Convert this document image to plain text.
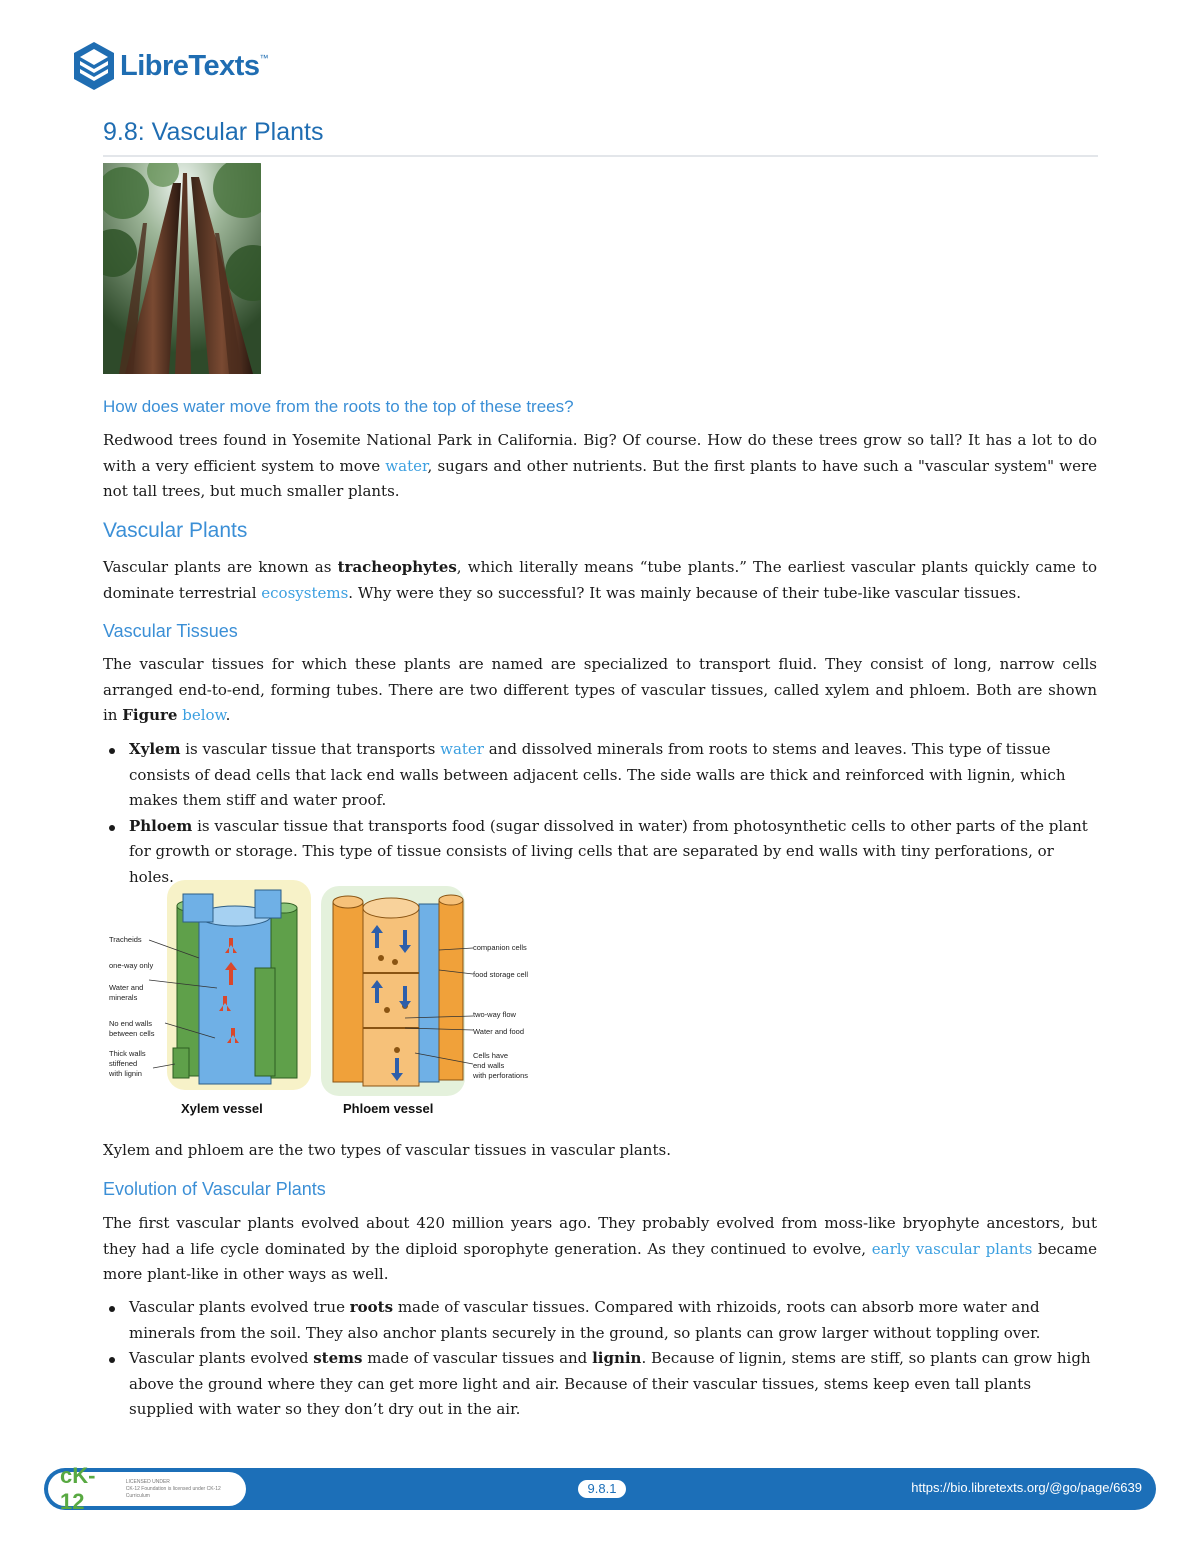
LibreTexts ™
9.8: Vascular Plants
How does water move from the roots to the top of these trees?

Redwood trees found in Yosemite National Park in California. Big? Of course. How do these trees grow so tall? It has a lot to do with a very efficient system to move water, sugars and other nutrients. But the first plants to have such a "vascular system" were not tall trees, but much smaller plants.

Vascular Plants

Vascular plants are known as tracheophytes, which literally means “tube plants.” The earliest vascular plants quickly came to dominate terrestrial ecosystems. Why were they so successful? It was mainly because of their tube-like vascular tissues.

Vascular Tissues

The vascular tissues for which these plants are named are specialized to transport fluid. They consist of long, narrow cells arranged end-to-end, forming tubes. There are two different types of vascular tissues, called xylem and phloem. Both are shown in Figure below.

Xylem is vascular tissue that transports water and dissolved minerals from roots to stems and leaves. This type of tissue consists of dead cells that lack end walls between adjacent cells. The side walls are thick and reinforced with lignin, which makes them stiff and water proof.
Phloem is vascular tissue that transports food (sugar dissolved in water) from photosynthetic cells to other parts of the plant for growth or storage. This type of tissue consists of living cells that are separated by end walls with tiny perforations, or holes.
Tracheids
one-way only
Water and
minerals
No end walls
between cells
Thick walls
stiffened
with lignin
companion cells
food storage cell
two-way flow
Water and food
Cells have
end walls
with perforations
Xylem vessel	Phloem vessel

Xylem and phloem are the two types of vascular tissues in vascular plants.

Evolution of Vascular Plants

The first vascular plants evolved about 420 million years ago. They probably evolved from moss-like bryophyte ancestors, but they had a life cycle dominated by the diploid sporophyte generation. As they continued to evolve, early vascular plants became more plant-like in other ways as well.

Vascular plants evolved true roots made of vascular tissues. Compared with rhizoids, roots can absorb more water and minerals from the soil. They also anchor plants securely in the ground, so plants can grow larger without toppling over.
Vascular plants evolved stems made of vascular tissues and lignin. Because of lignin, stems are stiff, so plants can grow high above the ground where they can get more light and air. Because of their vascular tissues, stems keep even tall plants supplied with water so they don’t dry out in the air.
cK-12
LICENSED UNDER
CK-12 Foundation is licensed under CK-12 Curriculum	9.8.1	https://bio.libretexts.org/@go/page/6639
